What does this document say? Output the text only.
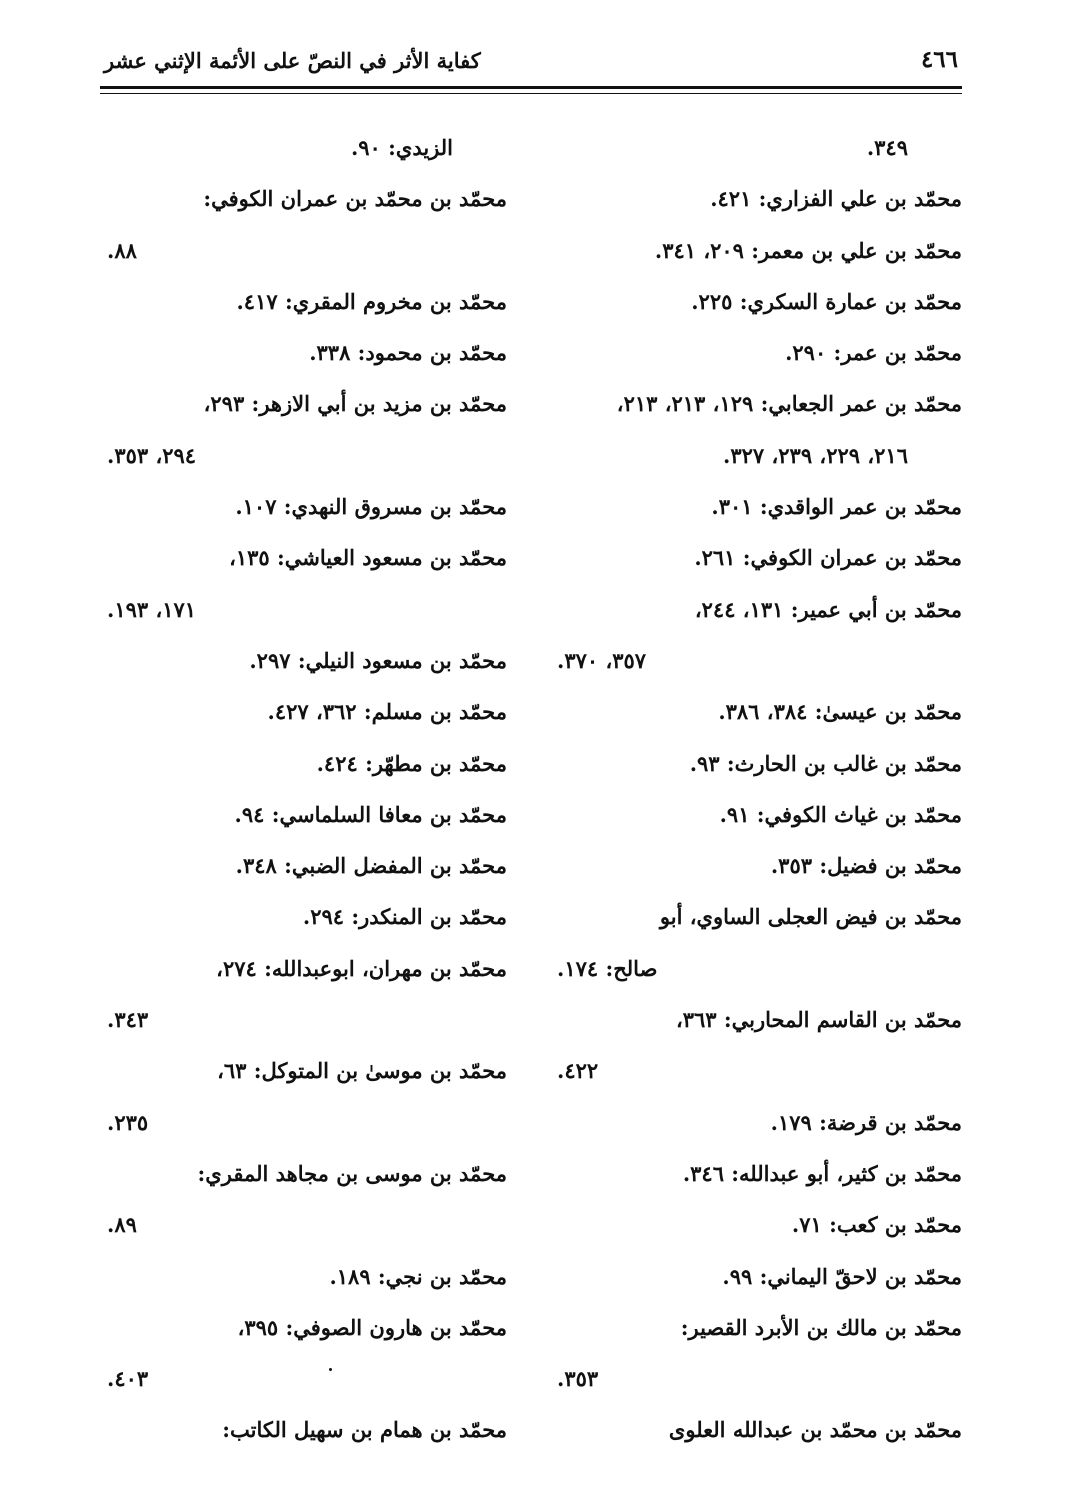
كفاية الأثر في النصّ على الأئمة الإثني عشر	٤٦٦
٣٤٩.
محمّد بن علي الفزاري: ٤٢١.
محمّد بن علي بن معمر: ٢٠٩، ٣٤١.
محمّد بن عمارة السكري: ٢٢٥.
محمّد بن عمر: ٢٩٠.
محمّد بن عمر الجعابي: ١٢٩، ٢١٣، ٢١٣،
٢١٦، ٢٢٩، ٢٣٩، ٣٢٧.
محمّد بن عمر الواقدي: ٣٠١.
محمّد بن عمران الكوفي: ٢٦١.
محمّد بن أبي عمير: ١٣١، ٢٤٤،
٣٥٧، ٣٧٠.
محمّد بن عيسىٰ: ٣٨٤، ٣٨٦.
محمّد بن غالب بن الحارث: ٩٣.
محمّد بن غياث الكوفي: ٩١.
محمّد بن فضيل: ٣٥٣.
محمّد بن فيض العجلى الساوي، أبو
صالح: ١٧٤.
محمّد بن القاسم المحاربي: ٣٦٣،
٤٢٢.
محمّد بن قرضة: ١٧٩.
محمّد بن كثير، أبو عبدالله: ٣٤٦.
محمّد بن كعب: ٧١.
محمّد بن لاحقّ اليماني: ٩٩.
محمّد بن مالك بن الأبرد القصير:
٣٥٣.
محمّد بن محمّد بن عبدالله العلوى
الزيدي: ٩٠.
محمّد بن محمّد بن عمران الكوفي:
٨٨.
محمّد بن مخروم المقري: ٤١٧.
محمّد بن محمود: ٣٣٨.
محمّد بن مزيد بن أبي الازهر: ٢٩٣،
٢٩٤، ٣٥٣.
محمّد بن مسروق النهدي: ١٠٧.
محمّد بن مسعود العياشي: ١٣٥،
١٧١، ١٩٣.
محمّد بن مسعود النيلي: ٢٩٧.
محمّد بن مسلم: ٣٦٢، ٤٢٧.
محمّد بن مطهّر: ٤٢٤.
محمّد بن معافا السلماسي: ٩٤.
محمّد بن المفضل الضبي: ٣٤٨.
محمّد بن المنكدر: ٢٩٤.
محمّد بن مهران، ابوعبدالله: ٢٧٤،
٣٤٣.
محمّد بن موسىٰ بن المتوكل: ٦٣،
٢٣٥.
محمّد بن موسى بن مجاهد المقري:
٨٩.
محمّد بن نجي: ١٨٩.
محمّد بن هارون الصوفي: ٣٩٥،
٤٠٣.
محمّد بن همام بن سهيل الكاتب:
